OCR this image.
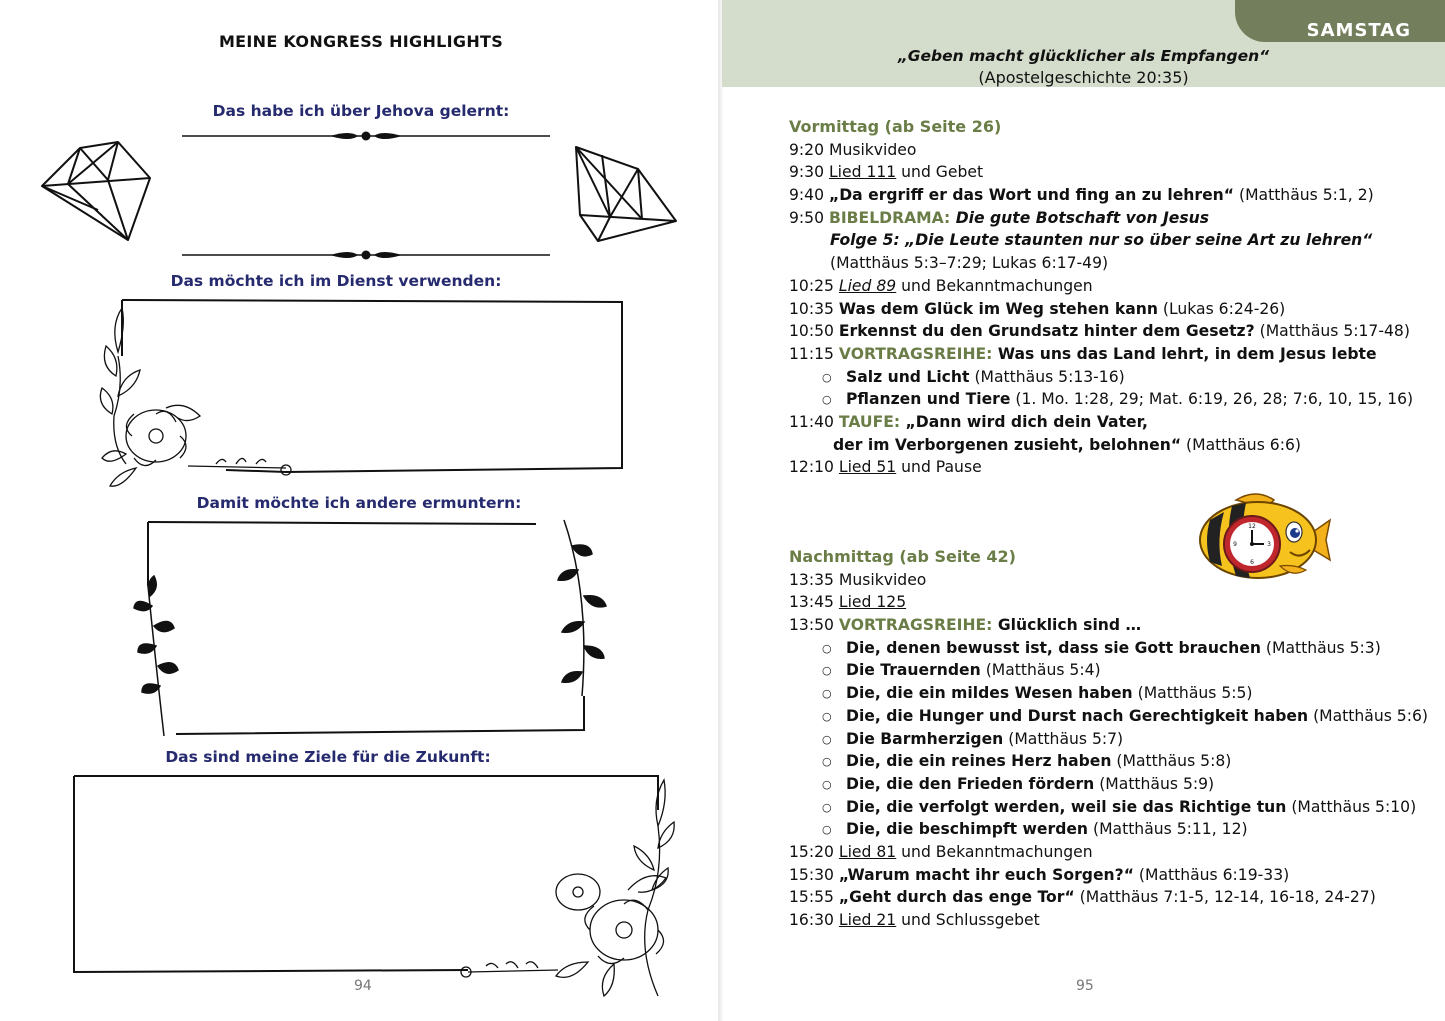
MEINE KONGRESS HIGHLIGHTS
Das habe ich über Jehova gelernt:
Das möchte ich im Dienst verwenden:
Damit möchte ich andere ermuntern:
Das sind meine Ziele für die Zukunft:
94
SAMSTAG
„Geben macht glücklicher als Empfangen“
(Apostelgeschichte 20:35)
Vormittag (ab Seite 26)
9:20 Musikvideo
9:30 Lied 111 und Gebet
9:40 „Da ergriff er das Wort und fing an zu lehren“ (Matthäus 5:1, 2)
9:50 BIBELDRAMA: Die gute Botschaft von Jesus
Folge 5: „Die Leute staunten nur so über seine Art zu lehren“
(Matthäus 5:3–7:29; Lukas 6:17-49)
10:25 Lied 89 und Bekanntmachungen
10:35 Was dem Glück im Weg stehen kann (Lukas 6:24-26)
10:50 Erkennst du den Grundsatz hinter dem Gesetz? (Matthäus 5:17-48)
11:15 VORTRAGSREIHE: Was uns das Land lehrt, in dem Jesus lebte
○ Salz und Licht (Matthäus 5:13-16)
○ Pflanzen und Tiere (1. Mo. 1:28, 29; Mat. 6:19, 26, 28; 7:6, 10, 15, 16)
11:40 TAUFE: „Dann wird dich dein Vater,
der im Verborgenen zusieht, belohnen“ (Matthäus 6:6)
12:10 Lied 51 und Pause
Nachmittag (ab Seite 42)
13:35 Musikvideo
13:45 Lied 125
13:50 VORTRAGSREIHE: Glücklich sind …
○ Die, denen bewusst ist, dass sie Gott brauchen (Matthäus 5:3)
○ Die Trauernden (Matthäus 5:4)
○ Die, die ein mildes Wesen haben (Matthäus 5:5)
○ Die, die Hunger und Durst nach Gerechtigkeit haben (Matthäus 5:6)
○ Die Barmherzigen (Matthäus 5:7)
○ Die, die ein reines Herz haben (Matthäus 5:8)
○ Die, die den Frieden fördern (Matthäus 5:9)
○ Die, die verfolgt werden, weil sie das Richtige tun (Matthäus 5:10)
○ Die, die beschimpft werden (Matthäus 5:11, 12)
15:20 Lied 81 und Bekanntmachungen
15:30 „Warum macht ihr euch Sorgen?“ (Matthäus 6:19-33)
15:55 „Geht durch das enge Tor“ (Matthäus 7:1-5, 12-14, 16-18, 24-27)
16:30 Lied 21 und Schlussgebet
12
3
6
9
95
